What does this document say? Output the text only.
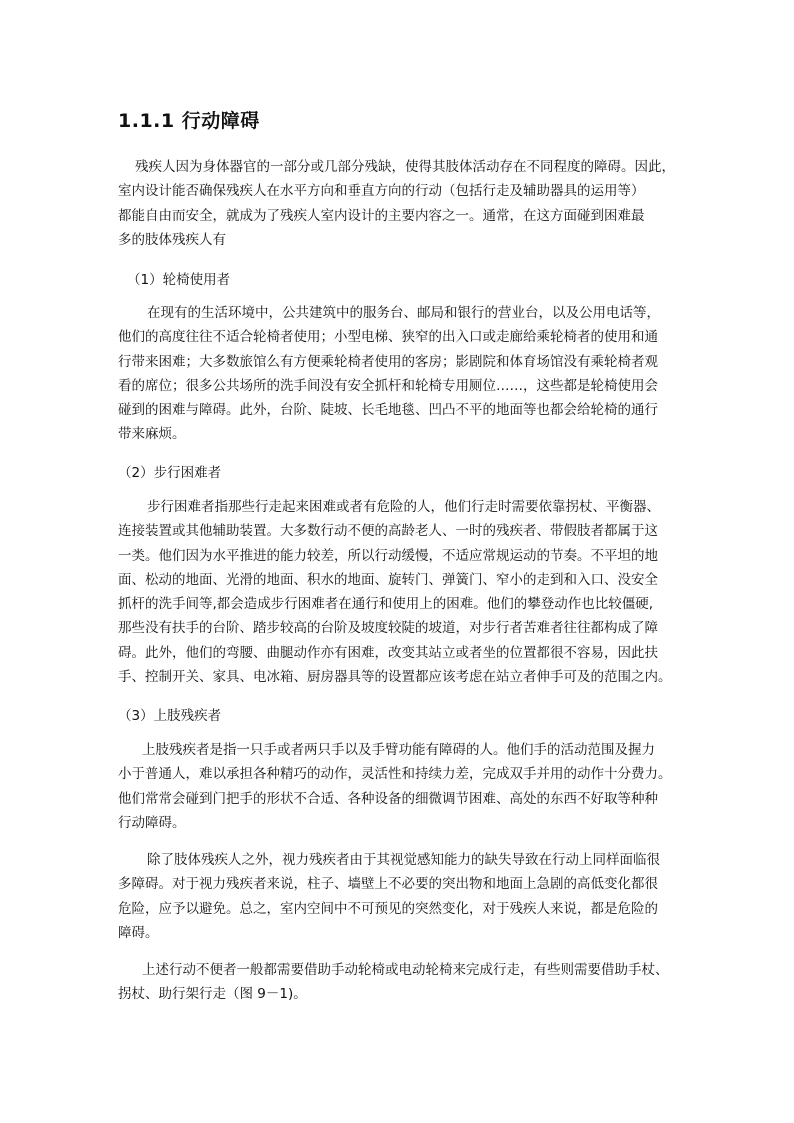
1.1.1 行动障碍
残疾人因为身体器官的一部分或几部分残缺，使得其肢体活动存在不同程度的障碍。因此，
室内设计能否确保残疾人在水平方向和垂直方向的行动（包括行走及辅助器具的运用等）
都能自由而安全，就成为了残疾人室内设计的主要内容之一。通常，在这方面碰到困难最
多的肢体残疾人有

（1）轮椅使用者

在现有的生活环境中，公共建筑中的服务台、邮局和银行的营业台，以及公用电话等，
他们的高度往往不适合轮椅者使用；小型电梯、狭窄的出入口或走廊给乘轮椅者的使用和通
行带来困难；大多数旅馆么有方便乘轮椅者使用的客房；影剧院和体育场馆没有乘轮椅者观
看的席位；很多公共场所的洗手间没有安全抓杆和轮椅专用厕位……，这些都是轮椅使用会
碰到的困难与障碍。此外，台阶、陡坡、长毛地毯、凹凸不平的地面等也都会给轮椅的通行
带来麻烦。

（2）步行困难者

步行困难者指那些行走起来困难或者有危险的人，他们行走时需要依靠拐杖、平衡器、
连接装置或其他辅助装置。大多数行动不便的高龄老人、一时的残疾者、带假肢者都属于这
一类。他们因为水平推进的能力较差，所以行动缓慢，不适应常规运动的节奏。不平坦的地
面、松动的地面、光滑的地面、积水的地面、旋转门、弹簧门、窄小的走到和入口、没安全
抓杆的洗手间等,都会造成步行困难者在通行和使用上的困难。他们的攀登动作也比较僵硬,
那些没有扶手的台阶、踏步较高的台阶及坡度较陡的坡道，对步行者苦难者往往都构成了障
碍。此外，他们的弯腰、曲腿动作亦有困难，改变其站立或者坐的位置都很不容易，因此扶
手、控制开关、家具、电冰箱、厨房器具等的设置都应该考虑在站立者伸手可及的范围之内。

（3）上肢残疾者

上肢残疾者是指一只手或者两只手以及手臂功能有障碍的人。他们手的活动范围及握力
小于普通人，难以承担各种精巧的动作，灵活性和持续力差，完成双手并用的动作十分费力。
他们常常会碰到门把手的形状不合适、各种设备的细微调节困难、高处的东西不好取等种种
行动障碍。
除了肢体残疾人之外，视力残疾者由于其视觉感知能力的缺失导致在行动上同样面临很
多障碍。对于视力残疾者来说，柱子、墙壁上不必要的突出物和地面上急剧的高低变化都很
危险，应予以避免。总之，室内空间中不可预见的突然变化，对于残疾人来说，都是危险的
障碍。
上述行动不便者一般都需要借助手动轮椅或电动轮椅来完成行走，有些则需要借助手杖、
拐杖、助行架行走（图 9－1)。
